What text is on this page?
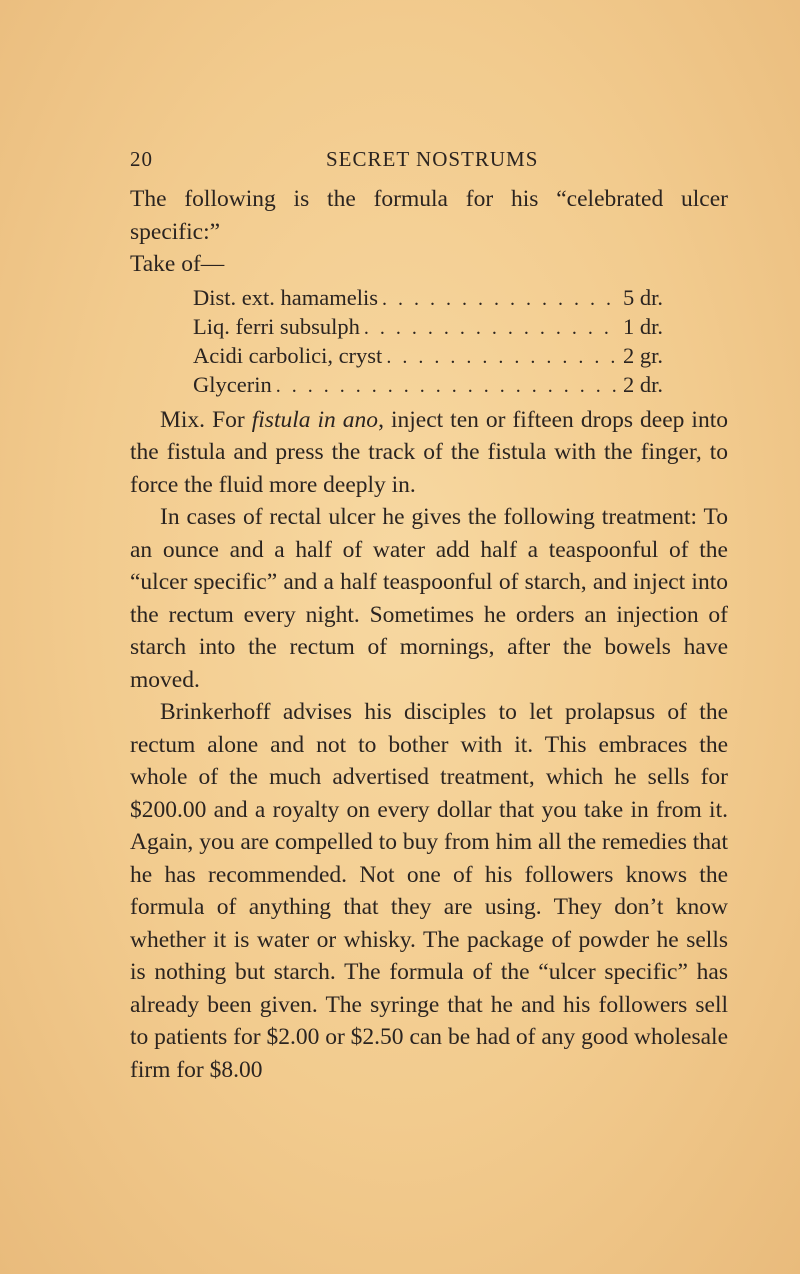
20	SECRET NOSTRUMS

The following is the formula for his “celebrated ulcer specific:”

Take of—

Dist. ext. hamamelis . . .	5 dr.
Liq. ferri subsulph . . .	1 dr.
Acidi carbolici, cryst . . .	2 gr.
Glycerin . . .	2 dr.

Mix. For fistula in ano, inject ten or fifteen drops deep into the fistula and press the track of the fistula with the finger, to force the fluid more deeply in.

In cases of rectal ulcer he gives the following treatment: To an ounce and a half of water add half a teaspoonful of the “ulcer specific” and a half teaspoonful of starch, and inject into the rectum every night. Sometimes he orders an injection of starch into the rectum of mornings, after the bowels have moved.

Brinkerhoff advises his disciples to let prolapsus of the rectum alone and not to bother with it. This embraces the whole of the much advertised treatment, which he sells for $200.00 and a royalty on every dollar that you take in from it. Again, you are compelled to buy from him all the remedies that he has recommended. Not one of his followers knows the formula of anything that they are using. They don’t know whether it is water or whisky. The package of powder he sells is nothing but starch. The formula of the “ulcer specific” has already been given. The syringe that he and his followers sell to patients for $2.00 or $2.50 can be had of any good wholesale firm for $8.00
